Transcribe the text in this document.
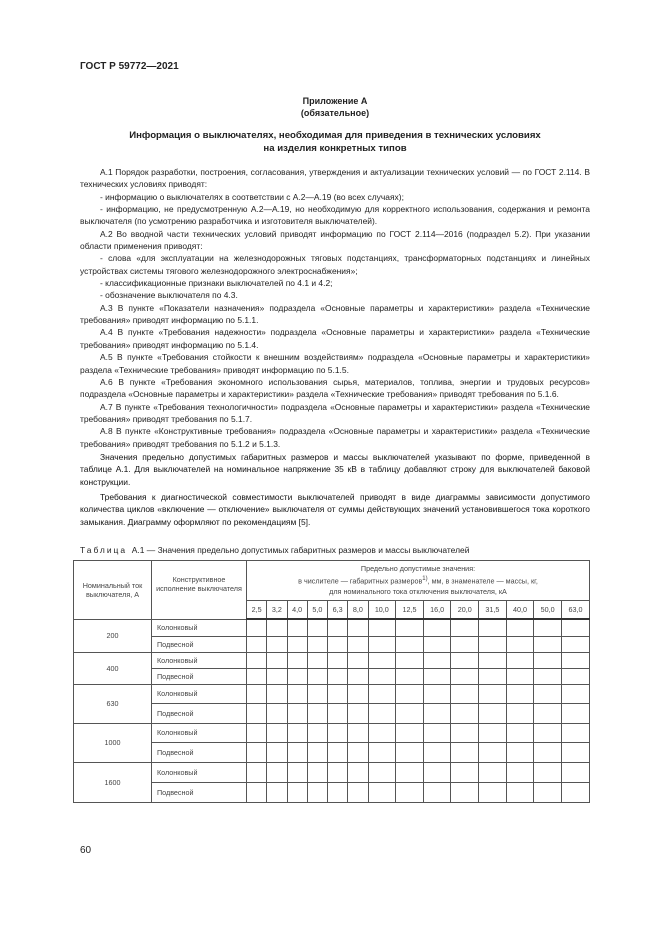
ГОСТ Р 59772—2021
Приложение А
(обязательное)
Информация о выключателях, необходимая для приведения в технических условиях
на изделия конкретных типов

А.1 Порядок разработки, построения, согласования, утверждения и актуализации технических условий — по ГОСТ 2.114. В технических условиях приводят:

- информацию о выключателях в соответствии с А.2—А.19 (во всех случаях);

- информацию, не предусмотренную А.2—А.19, но необходимую для корректного использования, содержания и ремонта выключателя (по усмотрению разработчика и изготовителя выключателей).

А.2 Во вводной части технических условий приводят информацию по ГОСТ 2.114—2016 (подраздел 5.2). При указании области применения приводят:

- слова «для эксплуатации на железнодорожных тяговых подстанциях, трансформаторных подстанциях и линейных устройствах системы тягового железнодорожного электроснабжения»;

- классификационные признаки выключателей по 4.1 и 4.2;

- обозначение выключателя по 4.3.

А.3 В пункте «Показатели назначения» подраздела «Основные параметры и характеристики» раздела «Технические требования» приводят информацию по 5.1.1.

А.4 В пункте «Требования надежности» подраздела «Основные параметры и характеристики» раздела «Технические требования» приводят информацию по 5.1.4.

А.5 В пункте «Требования стойкости к внешним воздействиям» подраздела «Основные параметры и характеристики» раздела «Технические требования» приводят информацию по 5.1.5.

А.6 В пункте «Требования экономного использования сырья, материалов, топлива, энергии и трудовых ресурсов» подраздела «Основные параметры и характеристики» раздела «Технические требования» приводят требования по 5.1.6.

А.7 В пункте «Требования технологичности» подраздела «Основные параметры и характеристики» раздела «Технические требования» приводят требования по 5.1.7.

А.8 В пункте «Конструктивные требования» подраздела «Основные параметры и характеристики» раздела «Технические требования» приводят требования по 5.1.2 и 5.1.3.

Значения предельно допустимых габаритных размеров и массы выключателей указывают по форме, приведенной в таблице А.1. Для выключателей на номинальное напряжение 35 кВ в таблицу добавляют строку для выключателей баковой конструкции.

Требования к диагностической совместимости выключателей приводят в виде диаграммы зависимости допустимого количества циклов «включение — отключение» выключателя от суммы действующих значений установившегося тока короткого замыкания. Диаграмму оформляют по рекомендациям [5].

Таблица А.1 — Значения предельно допустимых габаритных размеров и массы выключателей
Номинальный ток выключателя, А	Конструктивное исполнение выключателя	Предельно допустимые значения:
в числителе — габаритных размеров$^{1)}$, мм, в знаменателе — массы, кг,
для номинального тока отключения выключателя, кА													

		2,5	3,2	4,0	5,0	6,3	8,0	10,0	12,5	16,0	20,0	31,5	40,0	50,0	63,0
200	Колонковый														
	Подвесной														
400	Колонковый														
	Подвесной														
630	Колонковый														
	Подвесной														
1000	Колонковый														
	Подвесной														
1600	Колонковый														
	Подвесной														
60
